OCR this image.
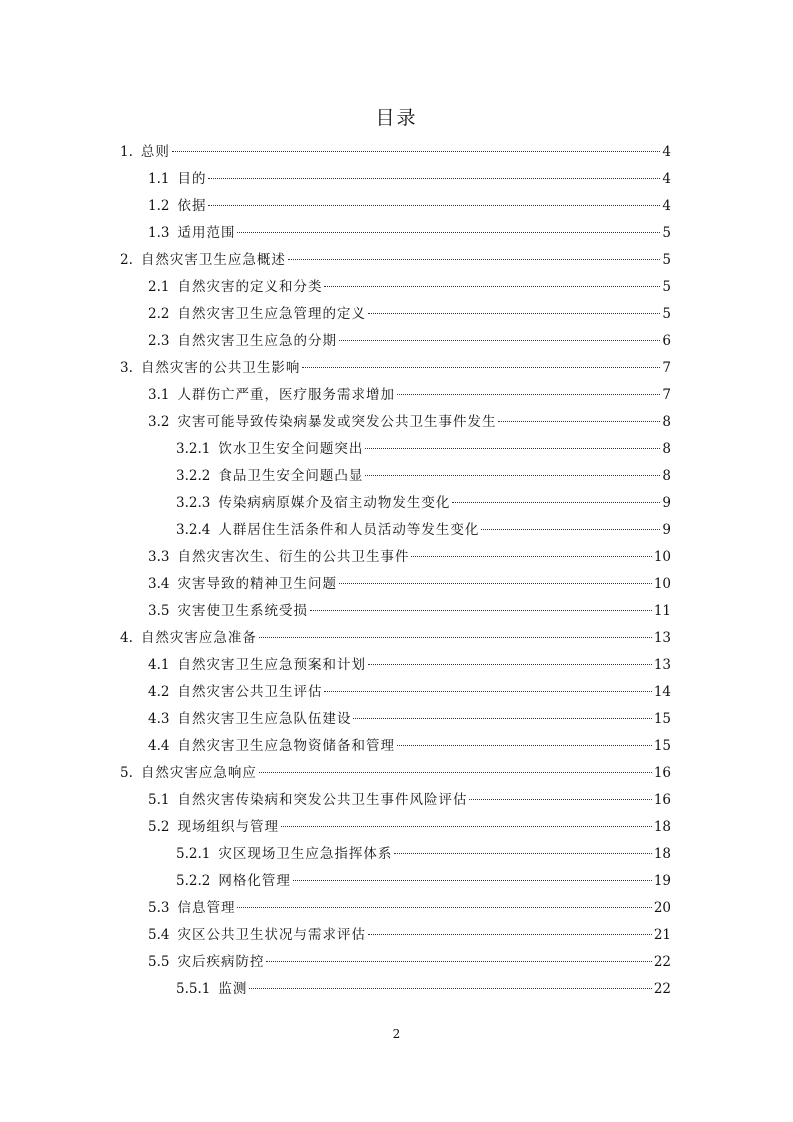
目录
1. 总则	4
1.1 目的	4
1.2 依据	4
1.3 适用范围	5
2. 自然灾害卫生应急概述	5
2.1 自然灾害的定义和分类	5
2.2 自然灾害卫生应急管理的定义	5
2.3 自然灾害卫生应急的分期	6
3. 自然灾害的公共卫生影响	7
3.1 人群伤亡严重，医疗服务需求增加	7
3.2 灾害可能导致传染病暴发或突发公共卫生事件发生	8
3.2.1 饮水卫生安全问题突出	8
3.2.2 食品卫生安全问题凸显	8
3.2.3 传染病病原媒介及宿主动物发生变化	9
3.2.4 人群居住生活条件和人员活动等发生变化	9
3.3 自然灾害次生、衍生的公共卫生事件	10
3.4 灾害导致的精神卫生问题	10
3.5 灾害使卫生系统受损	11
4. 自然灾害应急准备	13
4.1 自然灾害卫生应急预案和计划	13
4.2 自然灾害公共卫生评估	14
4.3 自然灾害卫生应急队伍建设	15
4.4 自然灾害卫生应急物资储备和管理	15
5. 自然灾害应急响应	16
5.1 自然灾害传染病和突发公共卫生事件风险评估	16
5.2 现场组织与管理	18
5.2.1 灾区现场卫生应急指挥体系	18
5.2.2 网格化管理	19
5.3 信息管理	20
5.4 灾区公共卫生状况与需求评估	21
5.5 灾后疾病防控	22
5.5.1 监测	22
2
